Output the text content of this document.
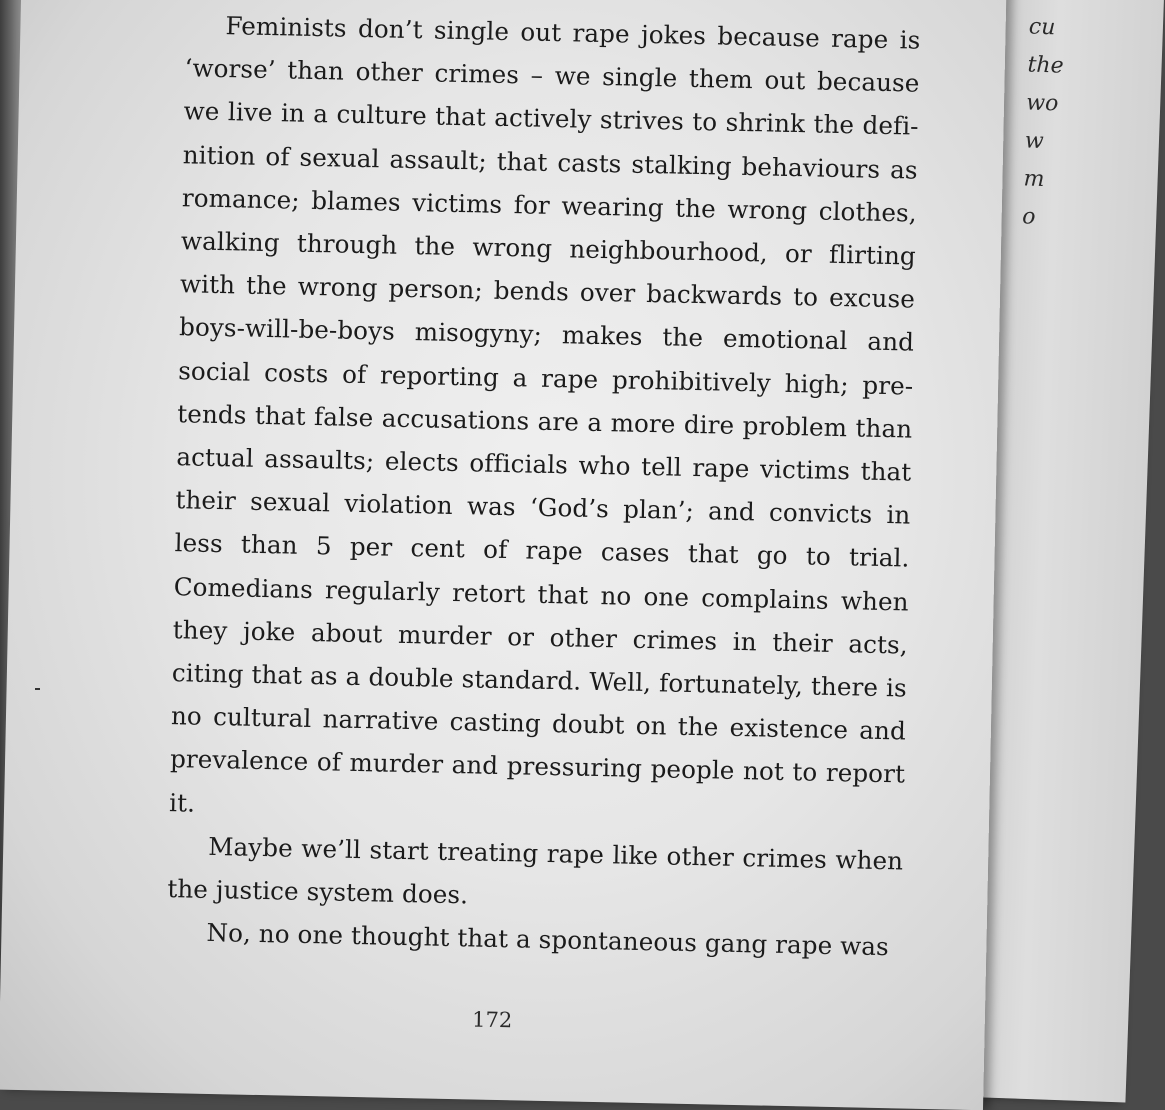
cu
the
wo
w
m
o

Feminists don’t single out rape jokes because rape is ‘worse’ than other crimes – we single them out because we live in a culture that actively strives to shrink the definition of sexual assault; that casts stalking behaviours as romance; blames victims for wearing the wrong clothes, walking through the wrong neighbourhood, or flirting with the wrong person; bends over backwards to excuse boys-will-be-boys misogyny; makes the emotional and social costs of reporting a rape prohibitively high; pretends that false accusations are a more dire problem than actual assaults; elects officials who tell rape victims that their sexual violation was ‘God’s plan’; and convicts in less than 5 per cent of rape cases that go to trial. Comedians regularly retort that no one complains when they joke about murder or other crimes in their acts, citing that as a double standard. Well, fortunately, there is no cultural narrative casting doubt on the existence and prevalence of murder and pressuring people not to report it.

Maybe we’ll start treating rape like other crimes when the justice system does.

No, no one thought that a spontaneous gang rape was

172
